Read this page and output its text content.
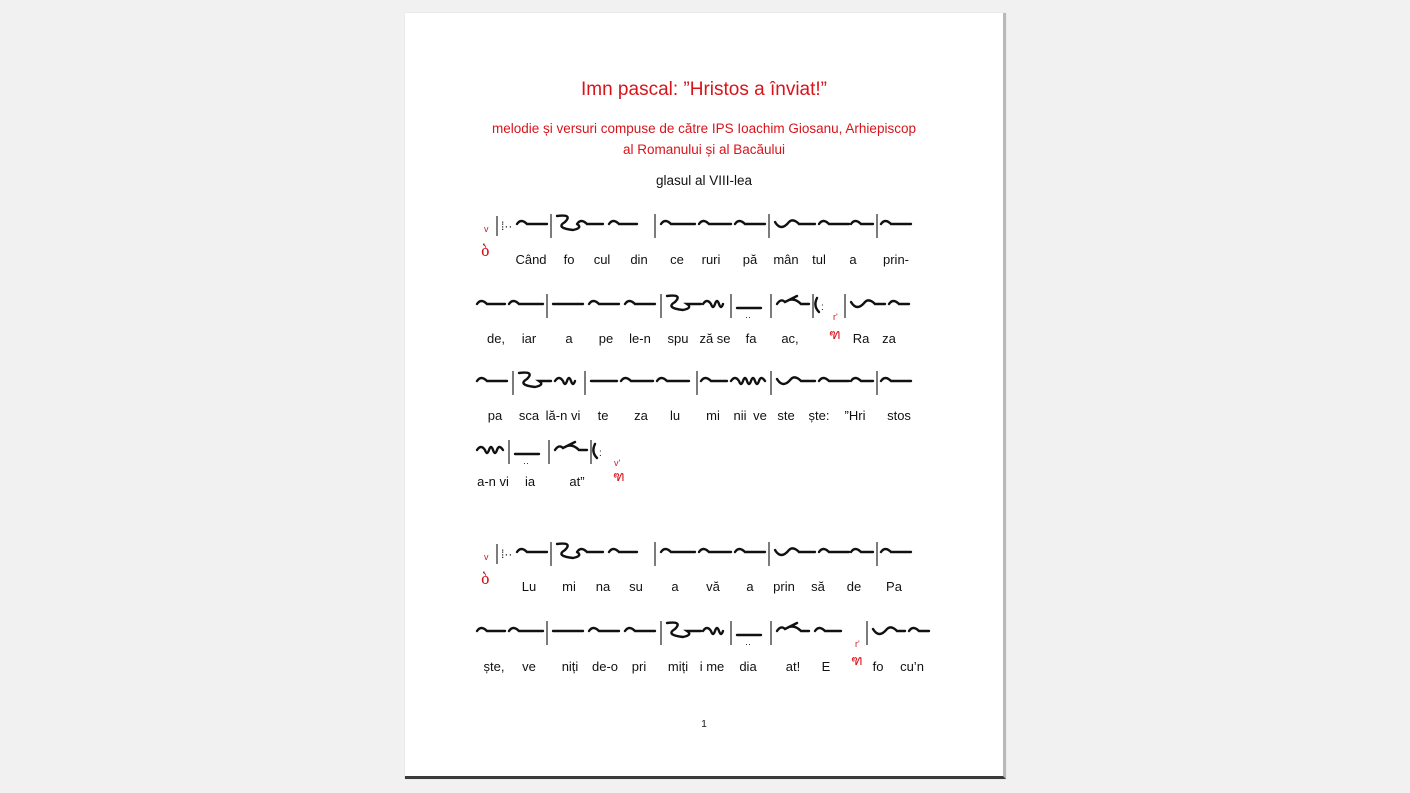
Imn pascal: ”Hristos a înviat!”
melodie și versuri compuse de către IPS Ioachim Giosanu, Arhiepiscop
al Romanului și al Bacăului
glasul al VIII-lea
ბ
v ⁞··
Când fo cul din ce ruri pă mân tul a prin-
··
:
ฑ
r'
de, iar a pe le-n spu ză se fa ac,	Ra za
pa sca lă-n vi te za lu mi nii ve ste ște: ”Hri stos
··
:
ฑ
v'
a-n vi ia	at”
ბ
v ⁞··
Lu mi na su a vă a prin să de Pa
··
ฑ
r'
ște, ve niți de-o pri miți i me dia at! E	fo cu’n
1
